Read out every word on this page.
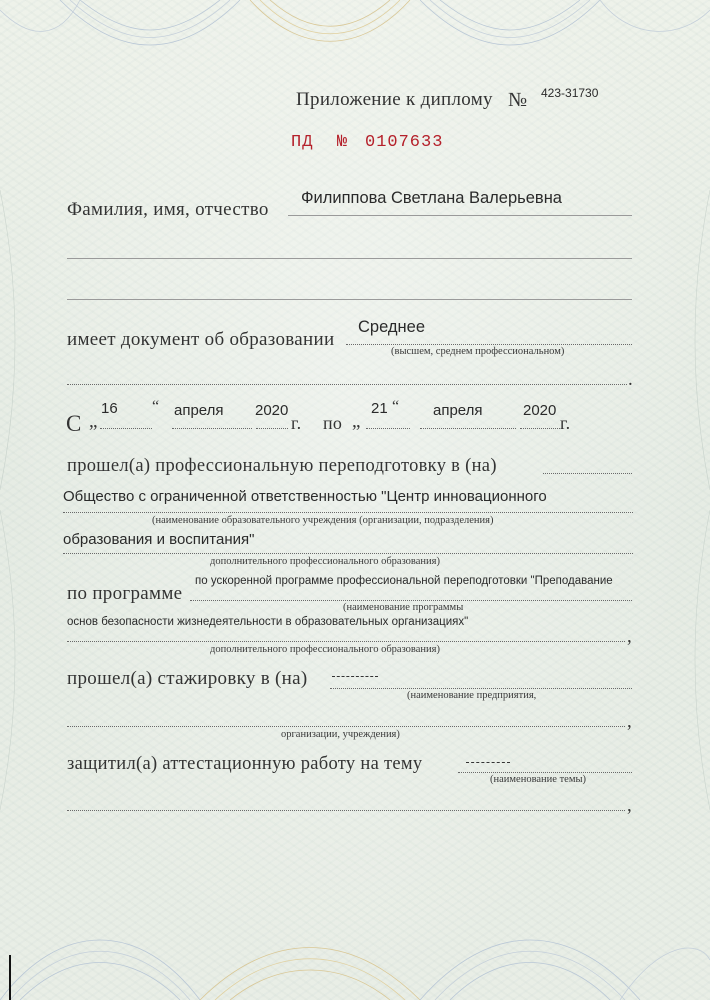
Приложение к диплому № 423-31730
ПД № 0107633
Фамилия, имя, отчество
Филиппова Светлана Валерьевна
имеет документ об образовании
Среднее
(высшем, среднем профессиональном)
.
С „
16 “ апреля 2020
г. по „
21 “ апреля	2020
г.
прошел(а) профессиональную переподготовку в (на)
Общество с ограниченной ответственностью "Центр инновационного
(наименование образовательного учреждения (организации, подразделения)
образования и воспитания"
дополнительного профессионального образования)
по программе
по ускоренной программе профессиональной переподготовки "Преподавание
(наименование программы
основ безопасности жизнедеятельности в образовательных организациях"
,
дополнительного профессионального образования)
прошел(а) стажировку в (на)
(наименование предприятия,
,
организации, учреждения)
защитил(а) аттестационную работу на тему
(наименование темы)
,
